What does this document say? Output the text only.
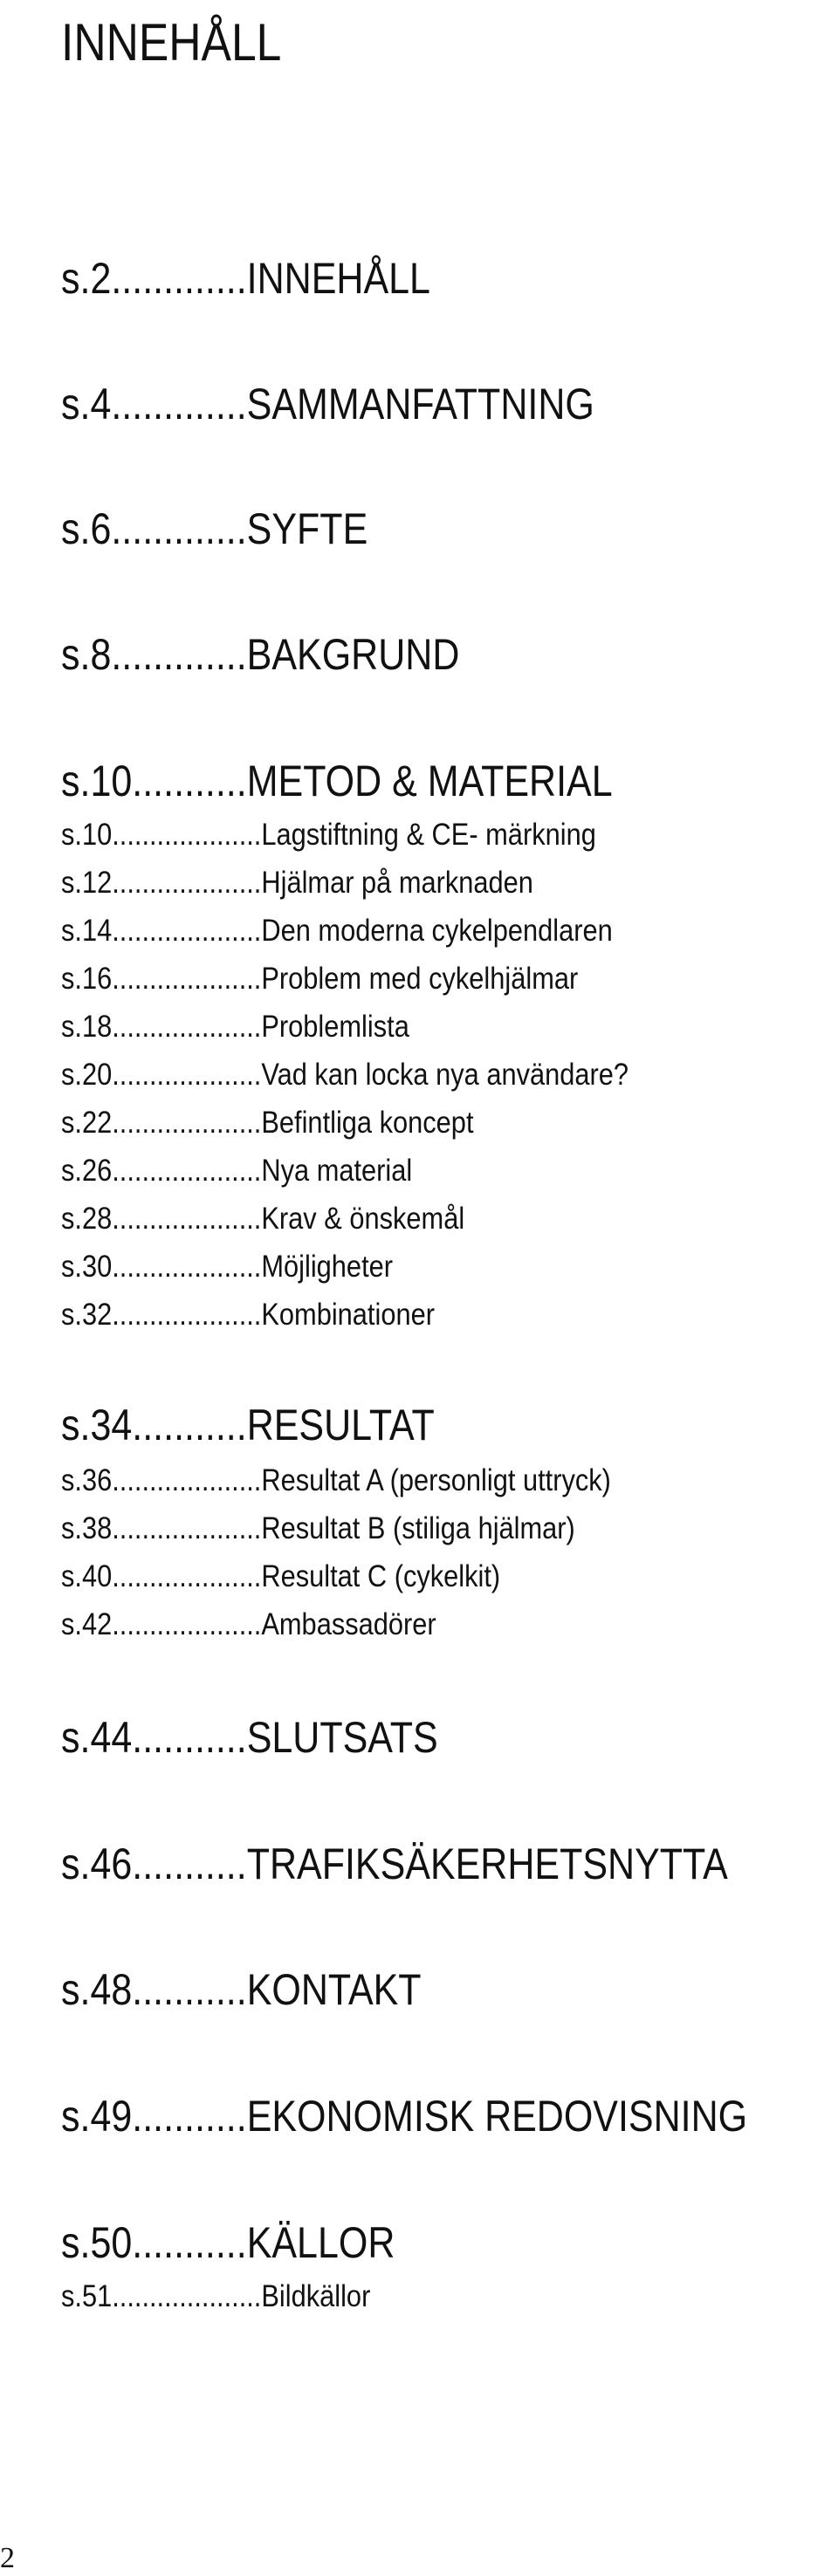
INNEHÅLL
s.2.............INNEHÅLL
s.4.............SAMMANFATTNING
s.6.............SYFTE
s.8.............BAKGRUND
s.10...........METOD & MATERIAL
s.10....................Lagstiftning & CE- märkning
s.12....................Hjälmar på marknaden
s.14....................Den moderna cykelpendlaren
s.16....................Problem med cykelhjälmar
s.18....................Problemlista
s.20....................Vad kan locka nya användare?
s.22....................Befintliga koncept
s.26....................Nya material
s.28....................Krav & önskemål
s.30....................Möjligheter
s.32....................Kombinationer
s.34...........RESULTAT
s.36....................Resultat A (personligt uttryck)
s.38....................Resultat B (stiliga hjälmar)
s.40....................Resultat C (cykelkit)
s.42....................Ambassadörer
s.44...........SLUTSATS
s.46...........TRAFIKSÄKERHETSNYTTA
s.48...........KONTAKT
s.49...........EKONOMISK REDOVISNING
s.50...........KÄLLOR
s.51....................Bildkällor
2
